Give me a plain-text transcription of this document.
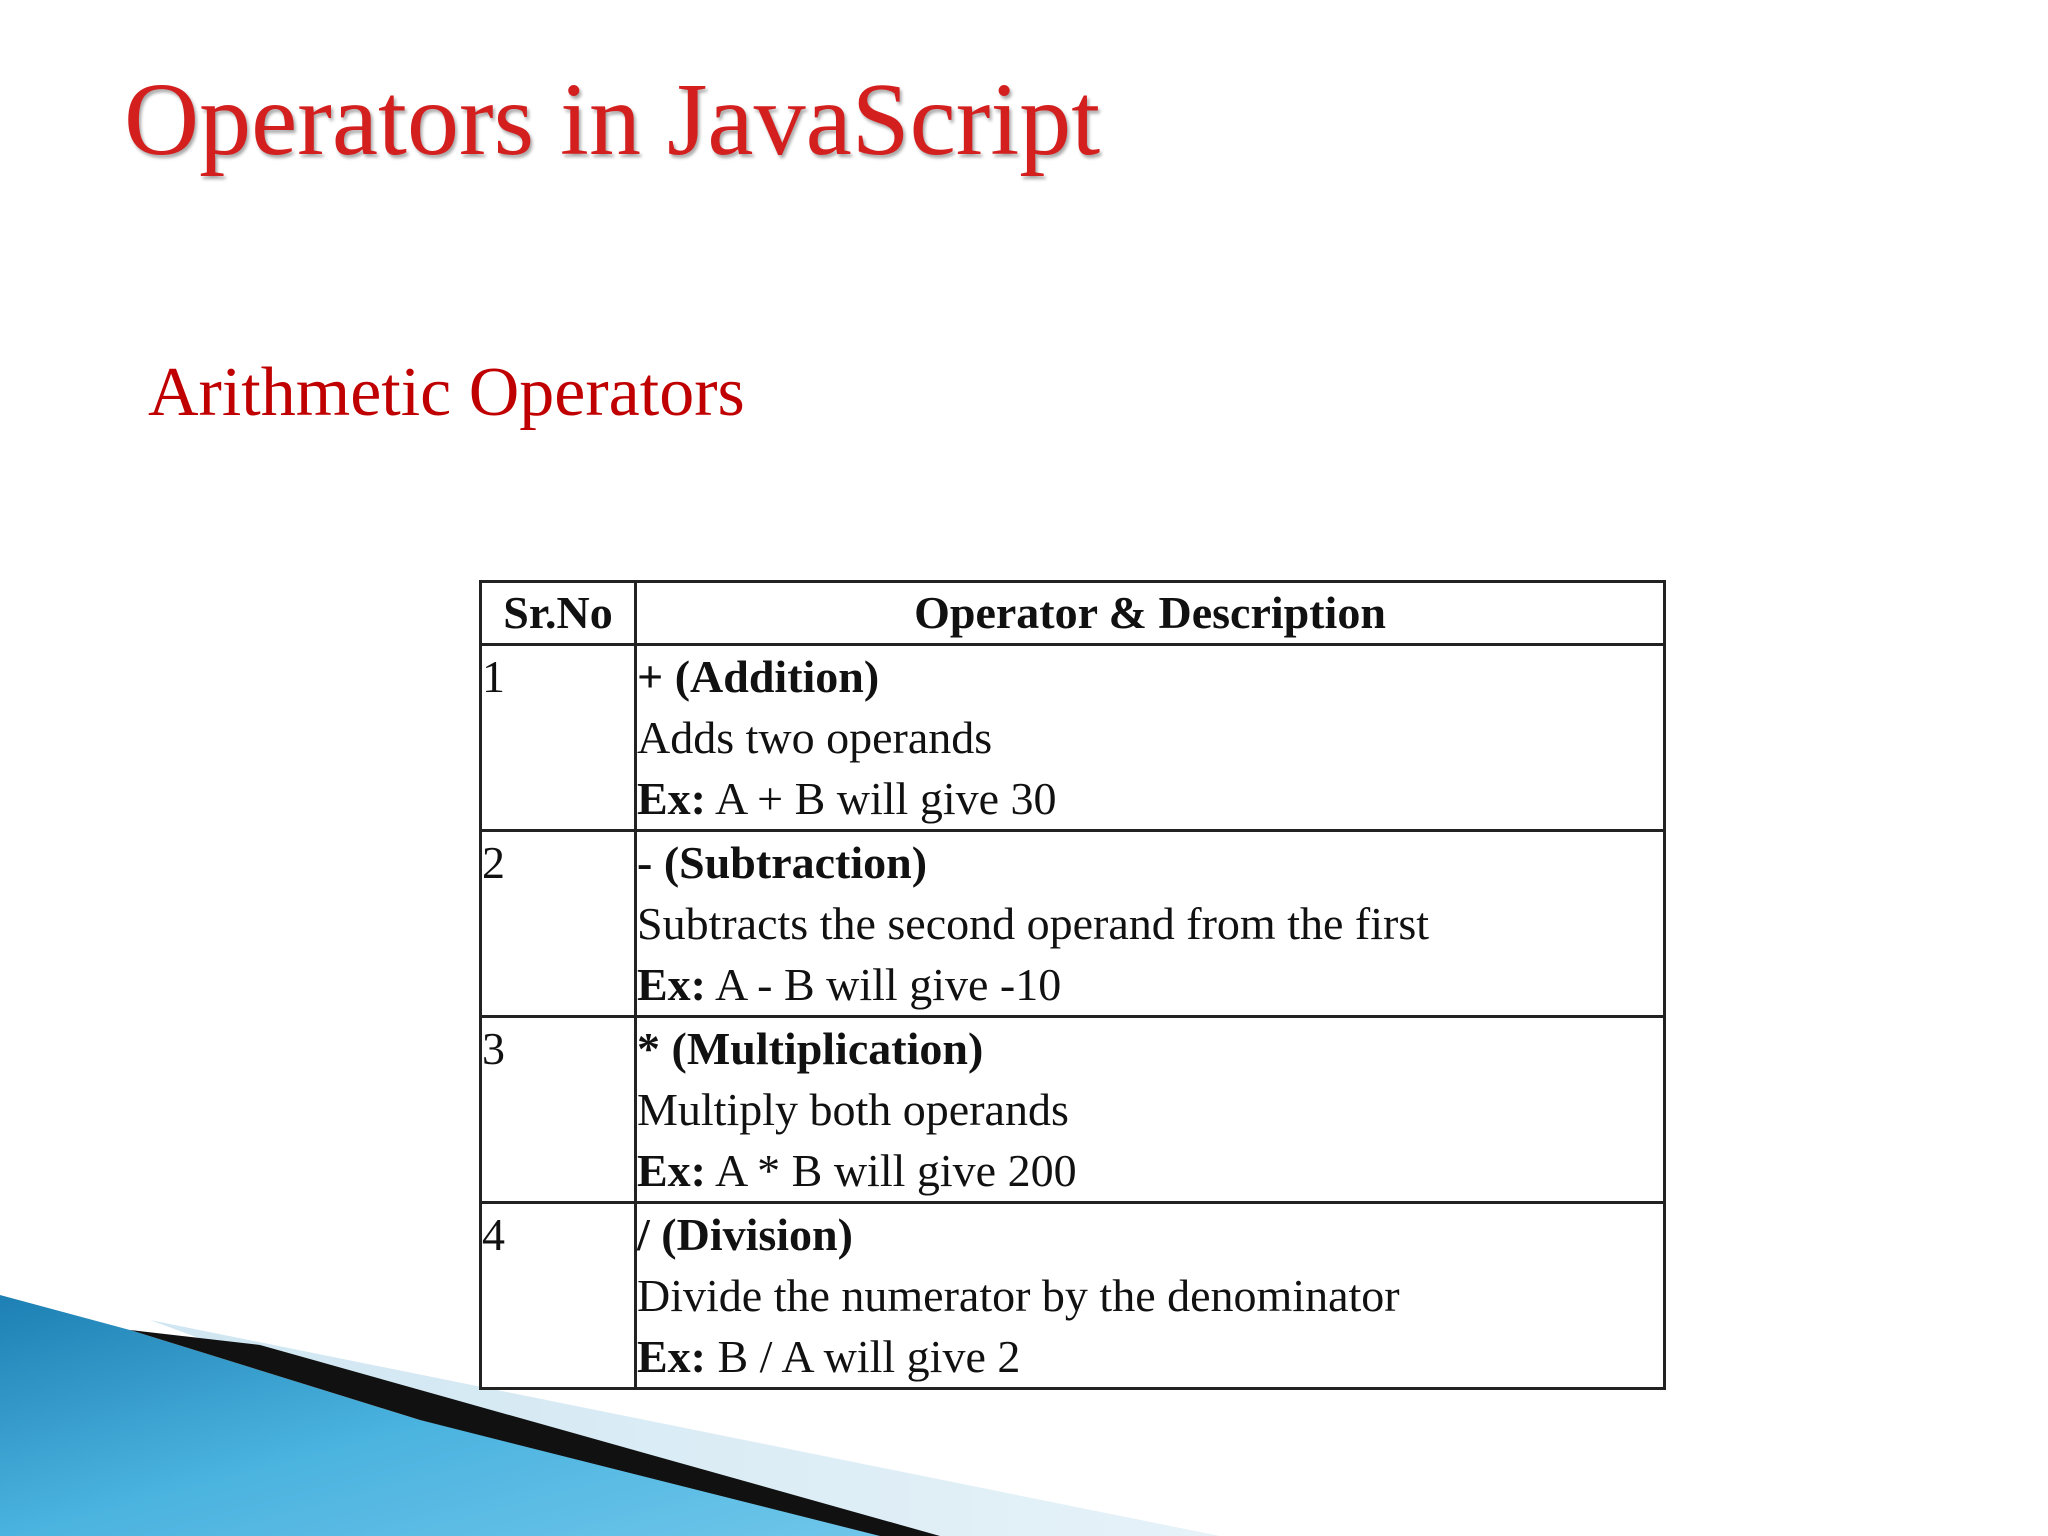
Operators in JavaScript
Arithmetic Operators
Sr.No	Operator & Description
1	+ (Addition)
Adds two operands
Ex: A + B will give 30

2	- (Subtraction)
Subtracts the second operand from the first
Ex: A - B will give -10

3	* (Multiplication)
Multiply both operands
Ex: A * B will give 200

4	/ (Division)
Divide the numerator by the denominator
Ex: B / A will give 2
